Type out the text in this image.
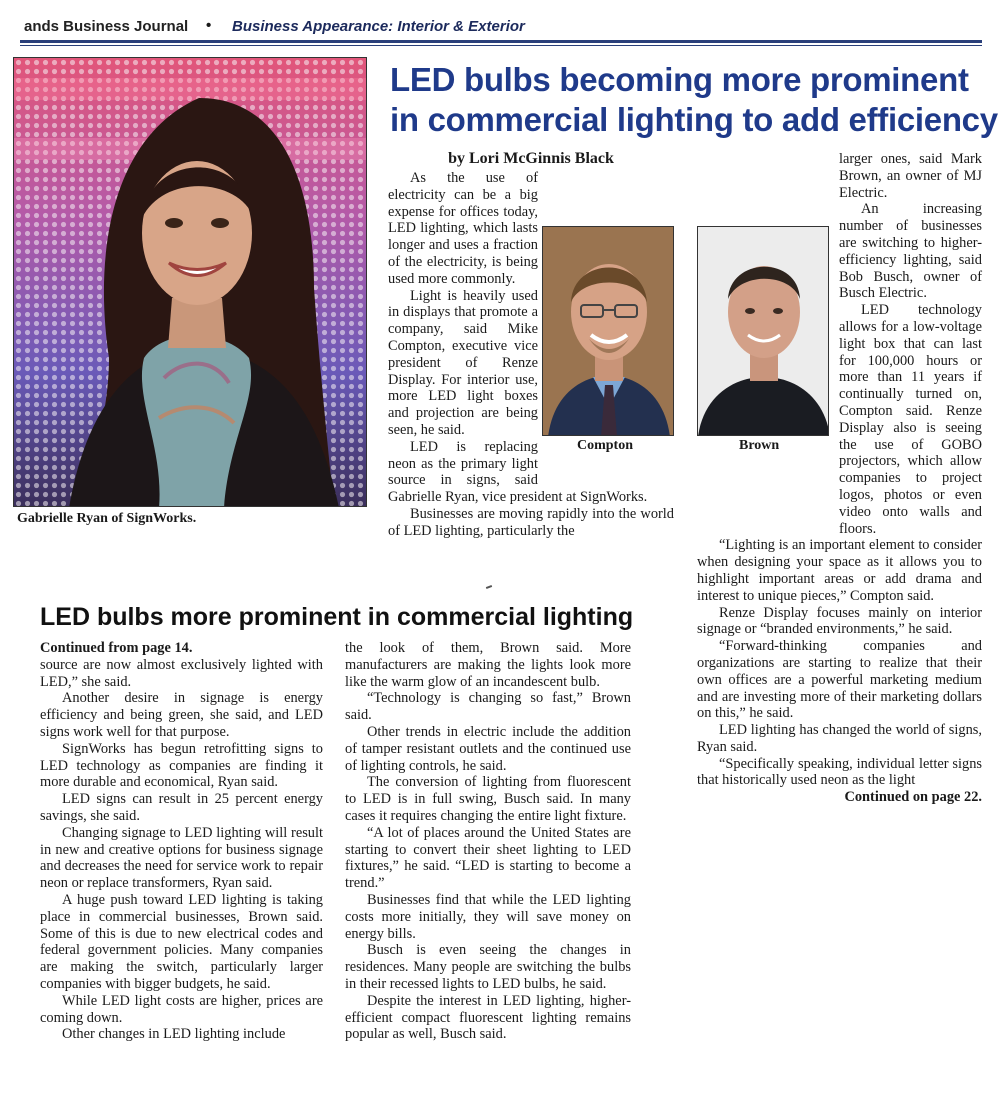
ands Business Journal • Business Appearance: Interior & Exterior
Gabrielle Ryan of SignWorks.
LED bulbs becoming more prominent
in commercial lighting to add efficiency
Compton	Brown
by Lori McGinnis Black

As the use of electricity can be a big expense for offices today, LED lighting, which lasts longer and uses a fraction of the electricity, is being used more commonly.

Light is heavily used in displays that promote a company, said Mike Compton, executive vice president of Renze Display. For interior use, more LED light boxes and projection are being seen, he said.

LED is replacing neon as the primary light source in signs, said Gabrielle Ryan, vice president at SignWorks.

Businesses are moving rapidly into the world of LED lighting, particularly the

larger ones, said Mark Brown, an owner of MJ Electric.

An increasing number of businesses are switching to higher-efficiency lighting, said Bob Busch, owner of Busch Electric.

LED technology allows for a low-voltage light box that can last for 100,000 hours or more than 11 years if continually turned on, Compton said. Renze Display also is seeing the use of GOBO projectors, which allow companies to project logos, photos or even video onto walls and floors.

“Lighting is an important element to consider when designing your space as it allows you to highlight important areas or add drama and interest to unique pieces,” Compton said.

Renze Display focuses mainly on interior signage or “branded environments,” he said.

“Forward-thinking companies and organizations are starting to realize that their own offices are a powerful marketing medium and are investing more of their marketing dollars on this,” he said.

LED lighting has changed the world of signs, Ryan said.

“Specifically speaking, individual letter signs that historically used neon as the light

Continued on page 22.
LED bulbs more prominent in commercial lighting
Continued from page 14.

source are now almost exclusively lighted with LED,” she said.

Another desire in signage is energy efficiency and being green, she said, and LED signs work well for that purpose.

SignWorks has begun retrofitting signs to LED technology as companies are finding it more durable and economical, Ryan said.

LED signs can result in 25 percent energy savings, she said.

Changing signage to LED lighting will result in new and creative options for business signage and decreases the need for service work to repair neon or replace transformers, Ryan said.

A huge push toward LED lighting is taking place in commercial businesses, Brown said. Some of this is due to new electrical codes and federal government policies. Many companies are making the switch, particularly larger companies with bigger budgets, he said.

While LED light costs are higher, prices are coming down.

Other changes in LED lighting include

the look of them, Brown said. More manufacturers are making the lights look more like the warm glow of an incandescent bulb.

“Technology is changing so fast,” Brown said.

Other trends in electric include the addition of tamper resistant outlets and the continued use of lighting controls, he said.

The conversion of lighting from fluorescent to LED is in full swing, Busch said. In many cases it requires changing the entire light fixture.

“A lot of places around the United States are starting to convert their sheet lighting to LED fixtures,” he said. “LED is starting to become a trend.”

Businesses find that while the LED lighting costs more initially, they will save money on energy bills.

Busch is even seeing the changes in residences. Many people are switching the bulbs in their recessed lights to LED bulbs, he said.

Despite the interest in LED lighting, higher-efficient compact fluorescent lighting remains popular as well, Busch said.
